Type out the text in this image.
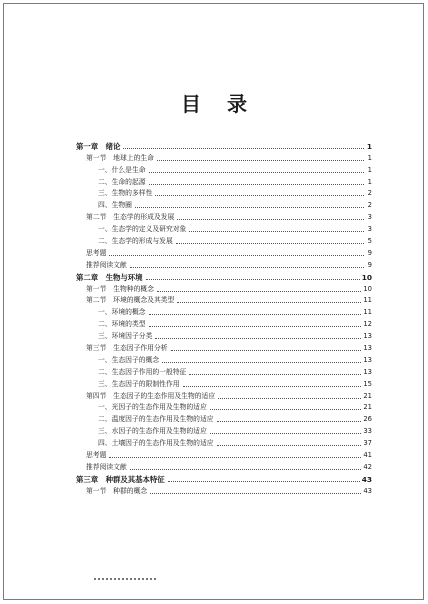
目录
第一章　绪论	1
第一节　地球上的生命	1
一、什么是生命	1
二、生命的起源	1
三、生物的多样性	2
四、生物圈	2
第二节　生态学的形成及发展	3
一、生态学的定义及研究对象	3
二、生态学的形成与发展	5
思考题	9
推荐阅读文献	9
第二章　生物与环境	10
第一节　生物种的概念	10
第二节　环境的概念及其类型	11
一、环境的概念	11
二、环境的类型	12
三、环境因子分类	13
第三节　生态因子作用分析	13
一、生态因子的概念	13
二、生态因子作用的一般特征	13
三、生态因子的限制性作用	15
第四节　生态因子的生态作用及生物的适应	21
一、光因子的生态作用及生物的适应	21
二、温度因子的生态作用及生物的适应	26
三、水因子的生态作用及生物的适应	33
四、土壤因子的生态作用及生物的适应	37
思考题	41
推荐阅读文献	42
第三章　种群及其基本特征	43
第一节　种群的概念	43
